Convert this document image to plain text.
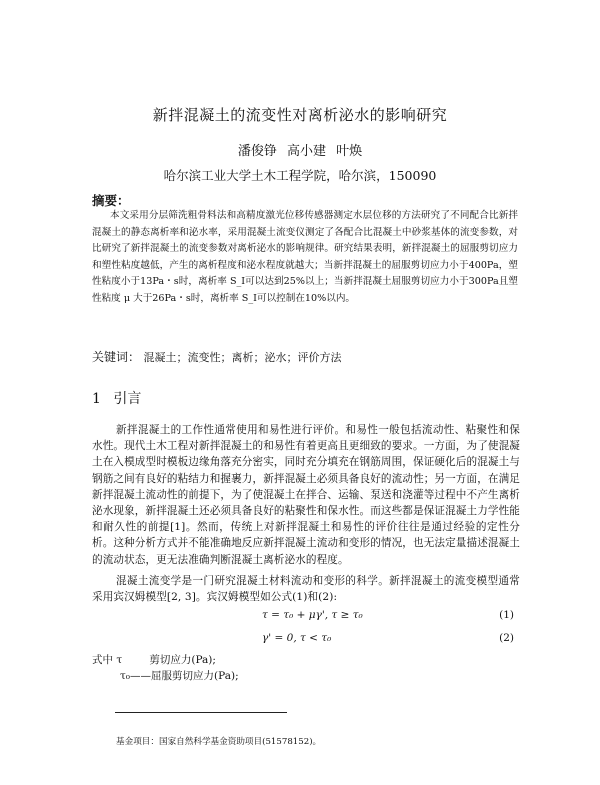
新拌混凝土的流变性对离析泌水的影响研究
潘俊铮 高小建 叶焕
哈尔滨工业大学土木工程学院，哈尔滨，150090
摘要：
本文采用分层筛洗粗骨料法和高精度激光位移传感器测定水层位移的方法研究了不同配合比新拌混凝土的静态离析率和泌水率，采用混凝土流变仪测定了各配合比混凝土中砂浆基体的流变参数，对比研究了新拌混凝土的流变参数对离析泌水的影响规律。研究结果表明，新拌混凝土的屈服剪切应力和塑性粘度越低，产生的离析程度和泌水程度就越大；当新拌混凝土的屈服剪切应力小于400Pa，塑性粘度小于13Pa・s时，离析率 S_I可以达到25%以上；当新拌混凝土屈服剪切应力小于300Pa且塑性粘度 μ 大于26Pa・s时，离析率 S_I可以控制在10%以内。
关键词： 混凝土；流变性；离析；泌水；评价方法
1 引言
新拌混凝土的工作性通常使用和易性进行评价。和易性一般包括流动性、粘聚性和保水性。现代土木工程对新拌混凝土的和易性有着更高且更细致的要求。一方面，为了使混凝土在入模成型时模板边缘角落充分密实，同时充分填充在钢筋周围，保证硬化后的混凝土与钢筋之间有良好的粘结力和握裹力，新拌混凝土必须具备良好的流动性；另一方面，在满足新拌混凝土流动性的前提下，为了使混凝土在拌合、运输、泵送和浇灌等过程中不产生离析泌水现象，新拌混凝土还必须具备良好的粘聚性和保水性。而这些都是保证混凝土力学性能和耐久性的前提[1]。然而，传统上对新拌混凝土和易性的评价往往是通过经验的定性分析。这种分析方式并不能准确地反应新拌混凝土流动和变形的情况，也无法定量描述混凝土的流动状态，更无法准确判断混凝土离析泌水的程度。
混凝土流变学是一门研究混凝土材料流动和变形的科学。新拌混凝土的流变模型通常采用宾汉姆模型[2, 3]。宾汉姆模型如公式(1)和(2):
τ = τ₀ + μγ', τ ≥ τ₀	(1)
γ' = 0, τ < τ₀	(2)
式中 τ	剪切应力(Pa);
τ₀——屈服剪切应力(Pa);
基金项目：国家自然科学基金资助项目(51578152)。
